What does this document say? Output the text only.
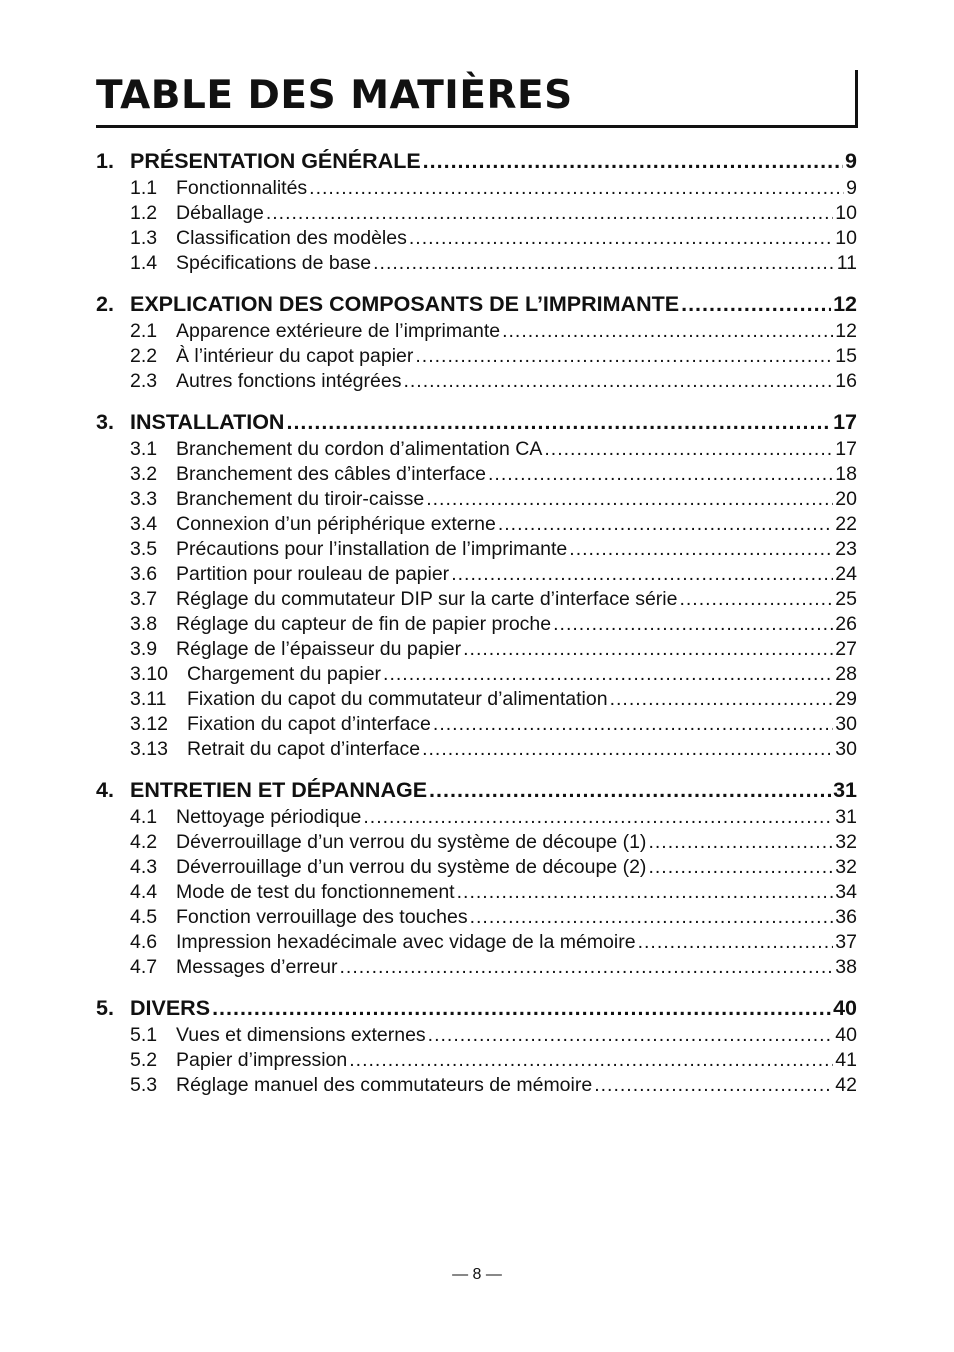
TABLE DES MATIÈRES
1. PRÉSENTATION GÉNÉRALE .....	9
1.1 Fonctionnalités .....	9
1.2 Déballage .....	10
1.3 Classification des modèles .....	10
1.4 Spécifications de base .....	11
2. EXPLICATION DES COMPOSANTS DE L’IMPRIMANTE .....	12
2.1 Apparence extérieure de l’imprimante .....	12
2.2 À l’intérieur du capot papier .....	15
2.3 Autres fonctions intégrées .....	16
3. INSTALLATION .....	17
3.1 Branchement du cordon d’alimentation CA .....	17
3.2 Branchement des câbles d’interface .....	18
3.3 Branchement du tiroir-caisse .....	20
3.4 Connexion d’un périphérique externe .....	22
3.5 Précautions pour l’installation de l’imprimante .....	23
3.6 Partition pour rouleau de papier .....	24
3.7 Réglage du commutateur DIP sur la carte d’interface série .....	25
3.8 Réglage du capteur de fin de papier proche .....	26
3.9 Réglage de l’épaisseur du papier .....	27
3.10 Chargement du papier .....	28
3.11	Fixation du capot du commutateur d’alimentation .....	29
3.12 Fixation du capot d’interface .....	30
3.13 Retrait du capot d’interface .....	30
4. ENTRETIEN ET DÉPANNAGE .....	31
4.1 Nettoyage périodique .....	31
4.2 Déverrouillage d’un verrou du système de découpe (1) .....	32
4.3 Déverrouillage d’un verrou du système de découpe (2) .....	32
4.4 Mode de test du fonctionnement .....	34
4.5 Fonction verrouillage des touches .....	36
4.6 Impression hexadécimale avec vidage de la mémoire .....	37
4.7 Messages d’erreur .....	38
5. DIVERS .....	40
5.1 Vues et dimensions externes .....	40
5.2 Papier d’impression .....	41
5.3 Réglage manuel des commutateurs de mémoire .....	42
— 8 —
